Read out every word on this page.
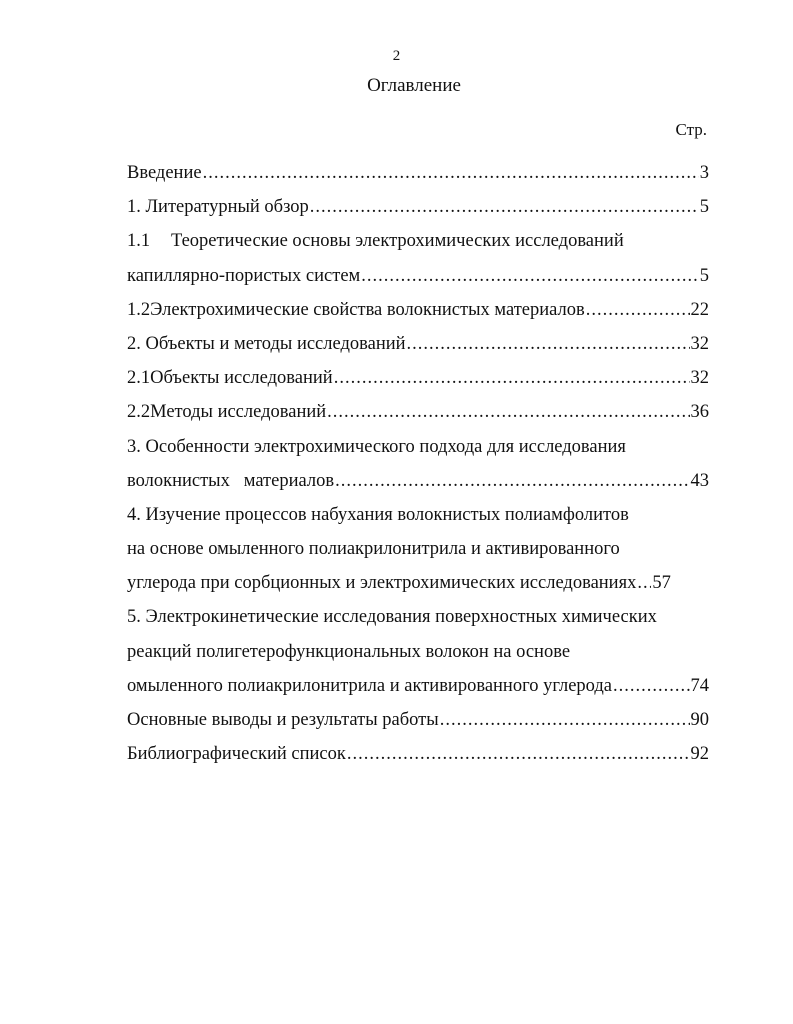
2
Оглавление
Стр.
Введение .....	3
1. Литературный обзор .....	5
1.1 Теоретические основы электрохимических исследований
капиллярно-пористых систем .....	5
1.2 Электрохимические свойства волокнистых материалов .....	22
2. Объекты и методы исследований .....	32
2.1 Объекты исследований .....	32
2.2 Методы исследований .....	36
3. Особенности электрохимического подхода для исследования
волокнистых   материалов .....	43
4. Изучение процессов набухания волокнистых полиамфолитов
на основе омыленного полиакрилонитрила и активированного
углерода при сорбционных и электрохимических исследованиях ..... 57
5. Электрокинетические исследования поверхностных химических
реакций полигетерофункциональных волокон на основе
омыленного полиакрилонитрила и активированного углерода .....	74
Основные выводы и результаты работы .....	90
Библиографический список .....	92
